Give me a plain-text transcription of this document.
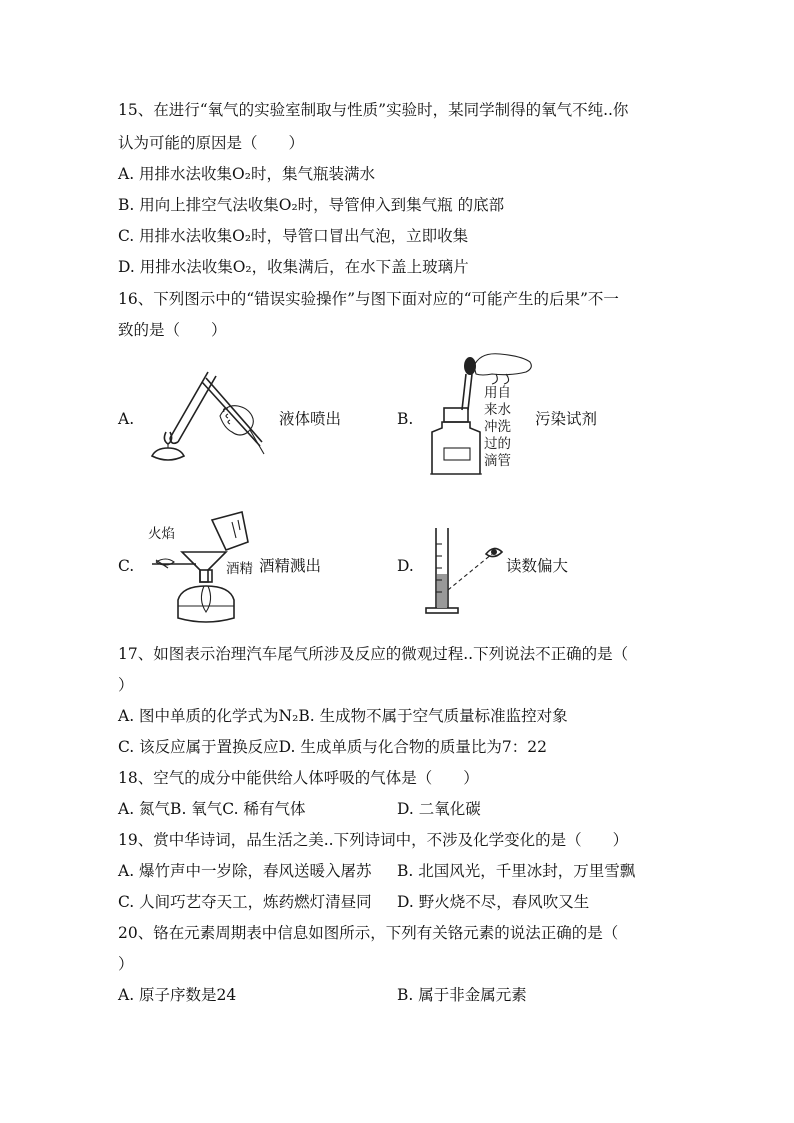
15、在进行“氧气的实验室制取与性质”实验时，某同学制得的氧气不纯..你
认为可能的原因是（　　）
A. 用排水法收集O₂时，集气瓶装满水
B. 用向上排空气法收集O₂时，导管伸入到集气瓶 的底部
C. 用排水法收集O₂时，导管口冒出气泡，立即收集
D. 用排水法收集O₂，收集满后，在水下盖上玻璃片
16、下列图示中的“错误实验操作”与图下面对应的“可能产生的后果”不一
致的是（　　）
A.	液体喷出	B.
用自来水冲洗过的滴管
污染试剂
C.
火焰
酒精 酒精溅出	D.	读数偏大
17、如图表示治理汽车尾气所涉及反应的微观过程..下列说法不正确的是（
）
A. 图中单质的化学式为N₂B. 生成物不属于空气质量标准监控对象
C. 该反应属于置换反应D. 生成单质与化合物的质量比为7：22
18、空气的成分中能供给人体呼吸的气体是（　　）
A. 氮气B. 氧气C. 稀有气体	D. 二氧化碳
19、赏中华诗词，品生活之美..下列诗词中，不涉及化学变化的是（　　）
A. 爆竹声中一岁除，春风送暖入屠苏 B. 北国风光，千里冰封，万里雪飘
C. 人间巧艺夺天工，炼药燃灯清昼同 D. 野火烧不尽，春风吹又生
20、铬在元素周期表中信息如图所示，下列有关铬元素的说法正确的是（
）
A. 原子序数是24	B. 属于非金属元素
